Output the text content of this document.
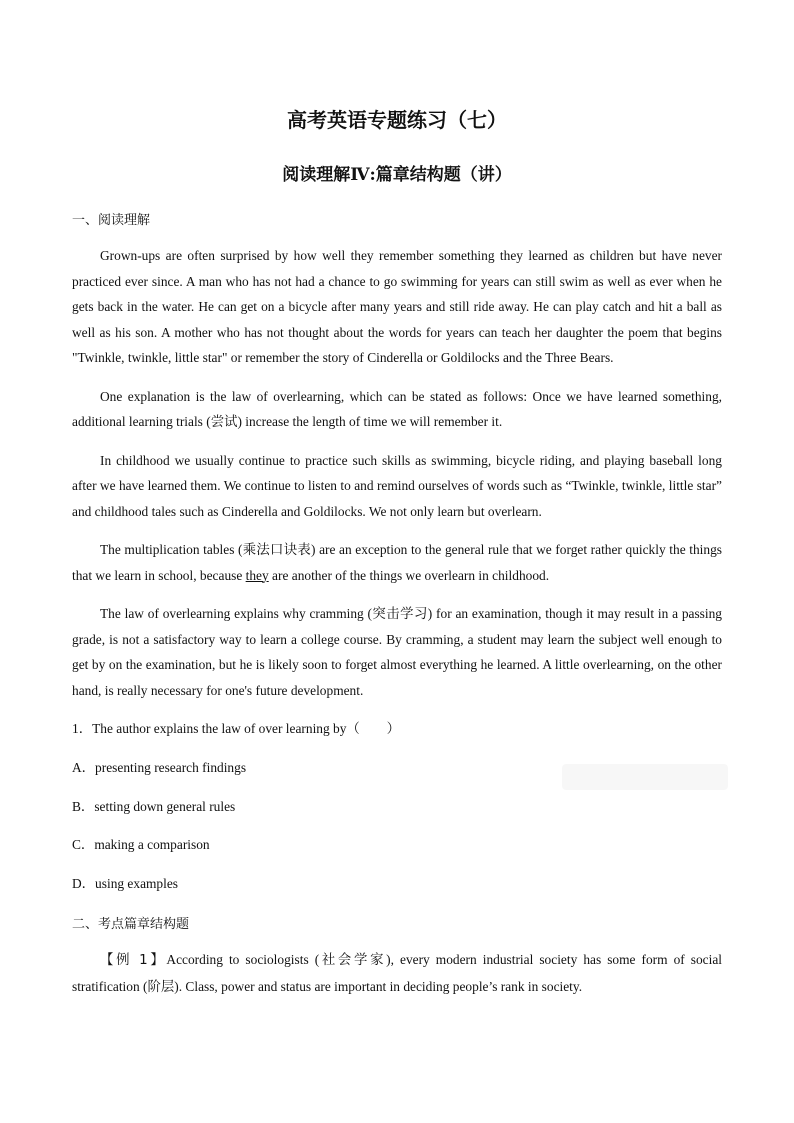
高考英语专题练习（七）
阅读理解Ⅳ:篇章结构题（讲）
一、阅读理解

Grown-ups are often surprised by how well they remember something they learned as children but have never practiced ever since. A man who has not had a chance to go swimming for years can still swim as well as ever when he gets back in the water. He can get on a bicycle after many years and still ride away. He can play catch and hit a ball as well as his son. A mother who has not thought about the words for years can teach her daughter the poem that begins "Twinkle, twinkle, little star" or remember the story of Cinderella or Goldilocks and the Three Bears.

One explanation is the law of overlearning, which can be stated as follows: Once we have learned something, additional learning trials (尝试) increase the length of time we will remember it.

In childhood we usually continue to practice such skills as swimming, bicycle riding, and playing baseball long after we have learned them. We continue to listen to and remind ourselves of words such as “Twinkle, twinkle, little star” and childhood tales such as Cinderella and Goldilocks. We not only learn but overlearn.

The multiplication tables (乘法口诀表) are an exception to the general rule that we forget rather quickly the things that we learn in school, because they are another of the things we overlearn in childhood.

The law of overlearning explains why cramming (突击学习) for an examination, though it may result in a passing grade, is not a satisfactory way to learn a college course. By cramming, a student may learn the subject well enough to get by on the examination, but he is likely soon to forget almost everything he learned. A little overlearning, on the other hand, is really necessary for one's future development.

1．The author explains the law of over learning by（　　）
A．presenting research findings
B．setting down general rules
C．making a comparison
D．using examples
二、考点篇章结构题

【例 1】According to sociologists (社会学家), every modern industrial society has some form of social stratification (阶层). Class, power and status are important in deciding people’s rank in society.
